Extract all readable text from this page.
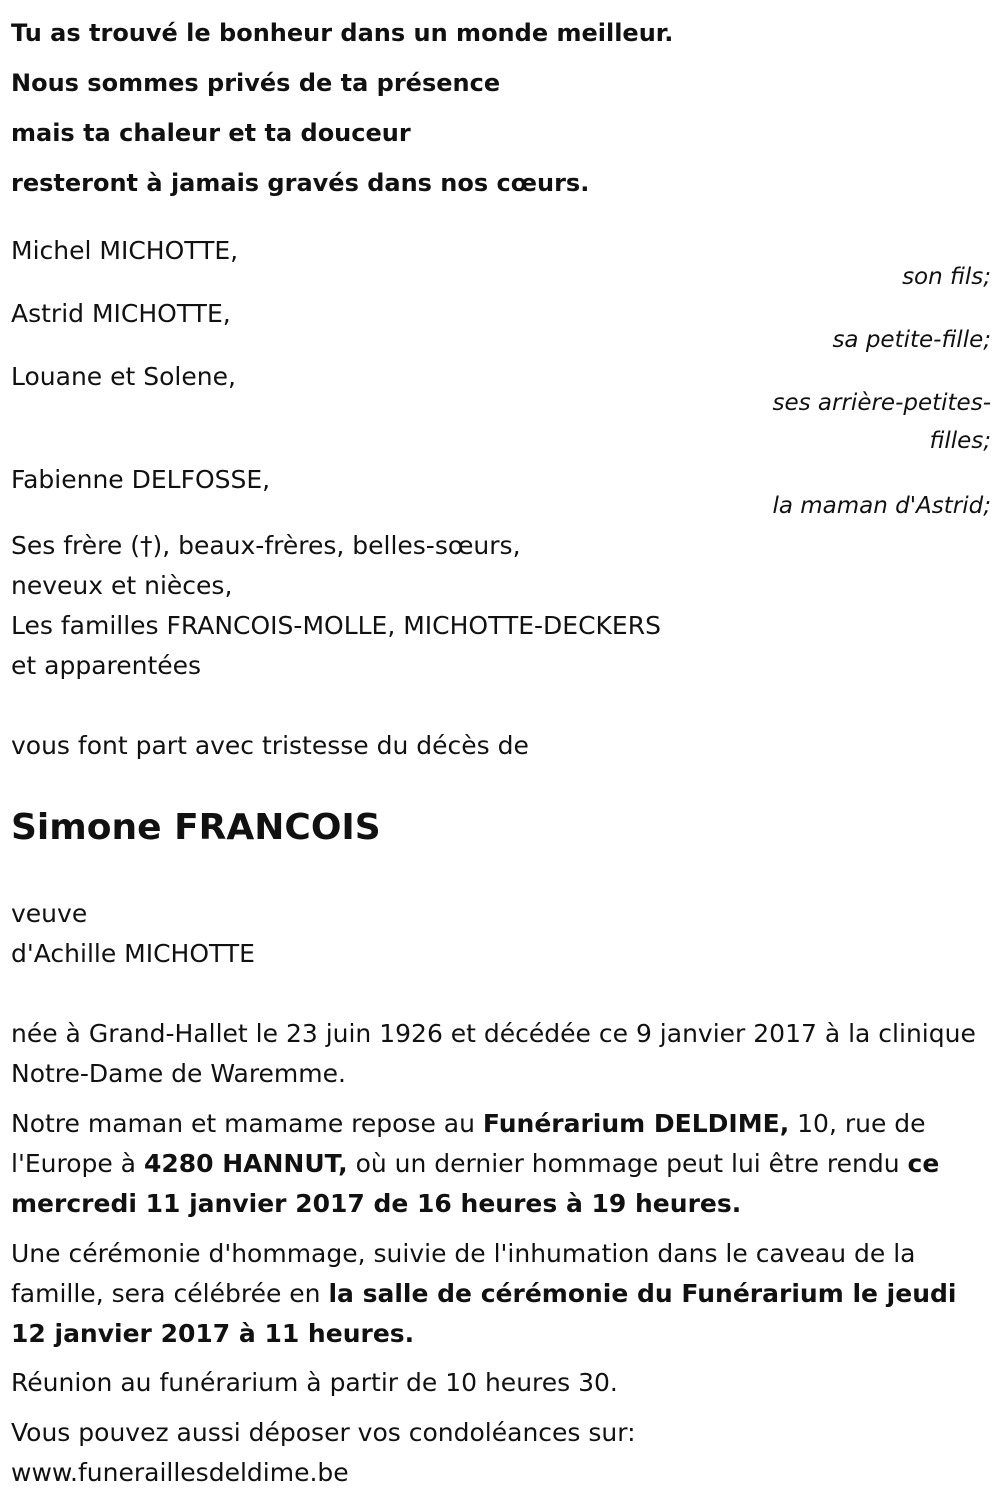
Tu as trouvé le bonheur dans un monde meilleur.
Nous sommes privés de ta présence
mais ta chaleur et ta douceur
resteront à jamais gravés dans nos cœurs.
Michel MICHOTTE,
son fils;
Astrid MICHOTTE,
sa petite-fille;
Louane et Solene,
ses arrière-petites-filles;
Fabienne DELFOSSE,
la maman d'Astrid;
Ses frère (†), beaux-frères, belles-sœurs,
neveux et nièces,
Les familles FRANCOIS-MOLLE, MICHOTTE-DECKERS
et apparentées
vous font part avec tristesse du décès de
Simone FRANCOIS
veuve
d'Achille MICHOTTE
née à Grand-Hallet le 23 juin 1926 et décédée ce 9 janvier 2017 à la clinique Notre-Dame de Waremme.
Notre maman et mamame repose au Funérarium DELDIME, 10, rue de l'Europe à 4280 HANNUT, où un dernier hommage peut lui être rendu ce mercredi 11 janvier 2017 de 16 heures à 19 heures.
Une cérémonie d'hommage, suivie de l'inhumation dans le caveau de la famille, sera célébrée en la salle de cérémonie du Funérarium le jeudi 12 janvier 2017 à 11 heures.
Réunion au funérarium à partir de 10 heures 30.
Vous pouvez aussi déposer vos condoléances sur:
www.funeraillesdeldime.be
